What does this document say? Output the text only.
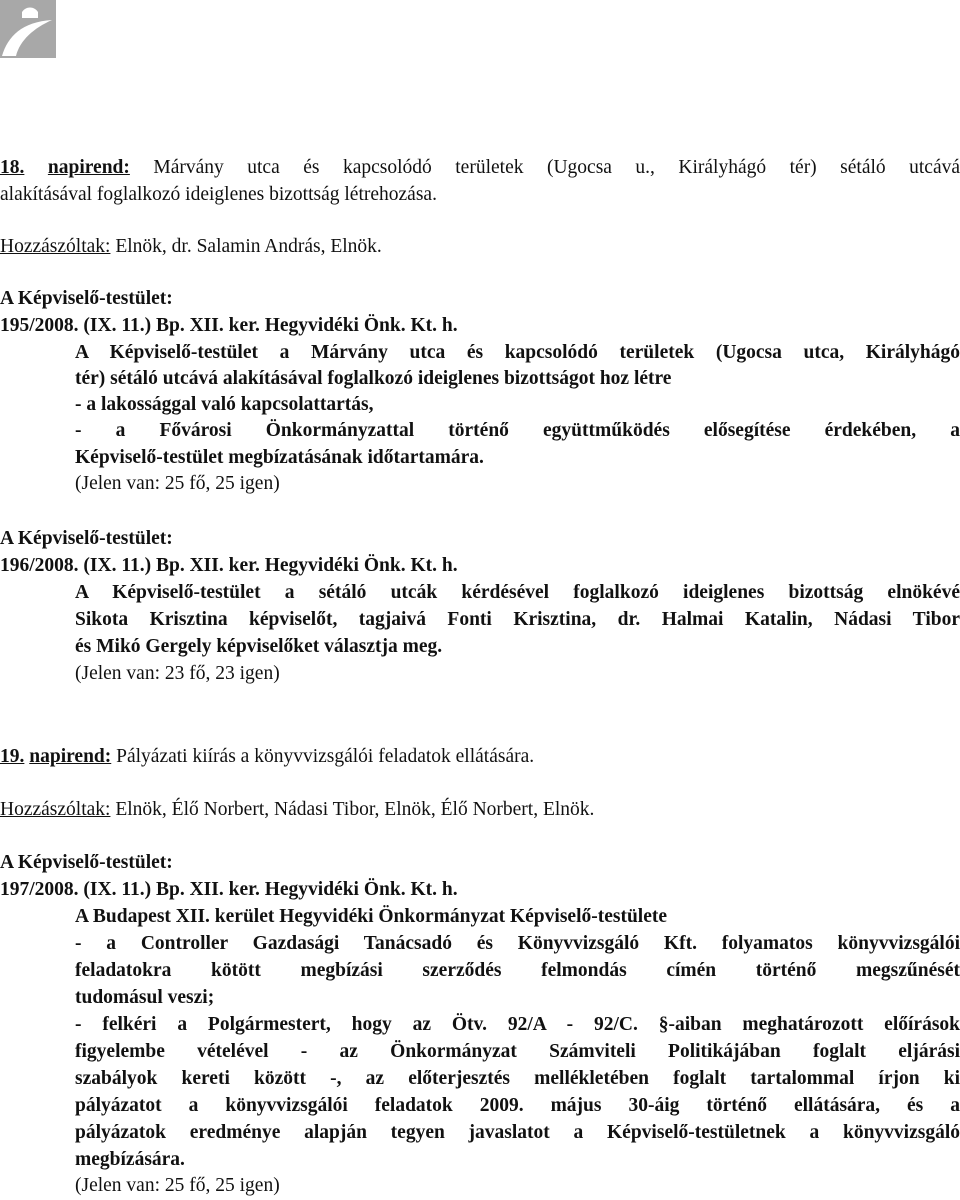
18. napirend: Márvány utca és kapcsolódó területek (Ugocsa u., Királyhágó tér) sétáló utcává
alakításával foglalkozó ideiglenes bizottság létrehozása.
Hozzászóltak: Elnök, dr. Salamin András, Elnök.
A Képviselő-testület:
195/2008. (IX. 11.) Bp. XII. ker. Hegyvidéki Önk. Kt. h.
A Képviselő-testület a Márvány utca és kapcsolódó területek (Ugocsa utca, Királyhágó
tér) sétáló utcává alakításával foglalkozó ideiglenes bizottságot hoz létre
- a lakossággal való kapcsolattartás,
- a Fővárosi Önkormányzattal történő együttműködés elősegítése érdekében, a
Képviselő-testület megbízatásának időtartamára.
(Jelen van: 25 fő, 25 igen)
A Képviselő-testület:
196/2008. (IX. 11.) Bp. XII. ker. Hegyvidéki Önk. Kt. h.
A Képviselő-testület a sétáló utcák kérdésével foglalkozó ideiglenes bizottság elnökévé
Sikota Krisztina képviselőt, tagjaivá Fonti Krisztina, dr. Halmai Katalin, Nádasi Tibor
és Mikó Gergely képviselőket választja meg.
(Jelen van: 23 fő, 23 igen)
19. napirend: Pályázati kiírás a könyvvizsgálói feladatok ellátására.
Hozzászóltak: Elnök, Élő Norbert, Nádasi Tibor, Elnök, Élő Norbert, Elnök.
A Képviselő-testület:
197/2008. (IX. 11.) Bp. XII. ker. Hegyvidéki Önk. Kt. h.
A Budapest XII. kerület Hegyvidéki Önkormányzat Képviselő-testülete
- a Controller Gazdasági Tanácsadó és Könyvvizsgáló Kft. folyamatos könyvvizsgálói
feladatokra kötött megbízási szerződés felmondás címén történő megszűnését
tudomásul veszi;
- felkéri a Polgármestert, hogy az Ötv. 92/A - 92/C. §-aiban meghatározott előírások
figyelembe vételével - az Önkormányzat Számviteli Politikájában foglalt eljárási
szabályok kereti között -, az előterjesztés mellékletében foglalt tartalommal írjon ki
pályázatot a könyvvizsgálói feladatok 2009. május 30-áig történő ellátására, és a
pályázatok eredménye alapján tegyen javaslatot a Képviselő-testületnek a könyvvizsgáló
megbízására.
(Jelen van: 25 fő, 25 igen)
